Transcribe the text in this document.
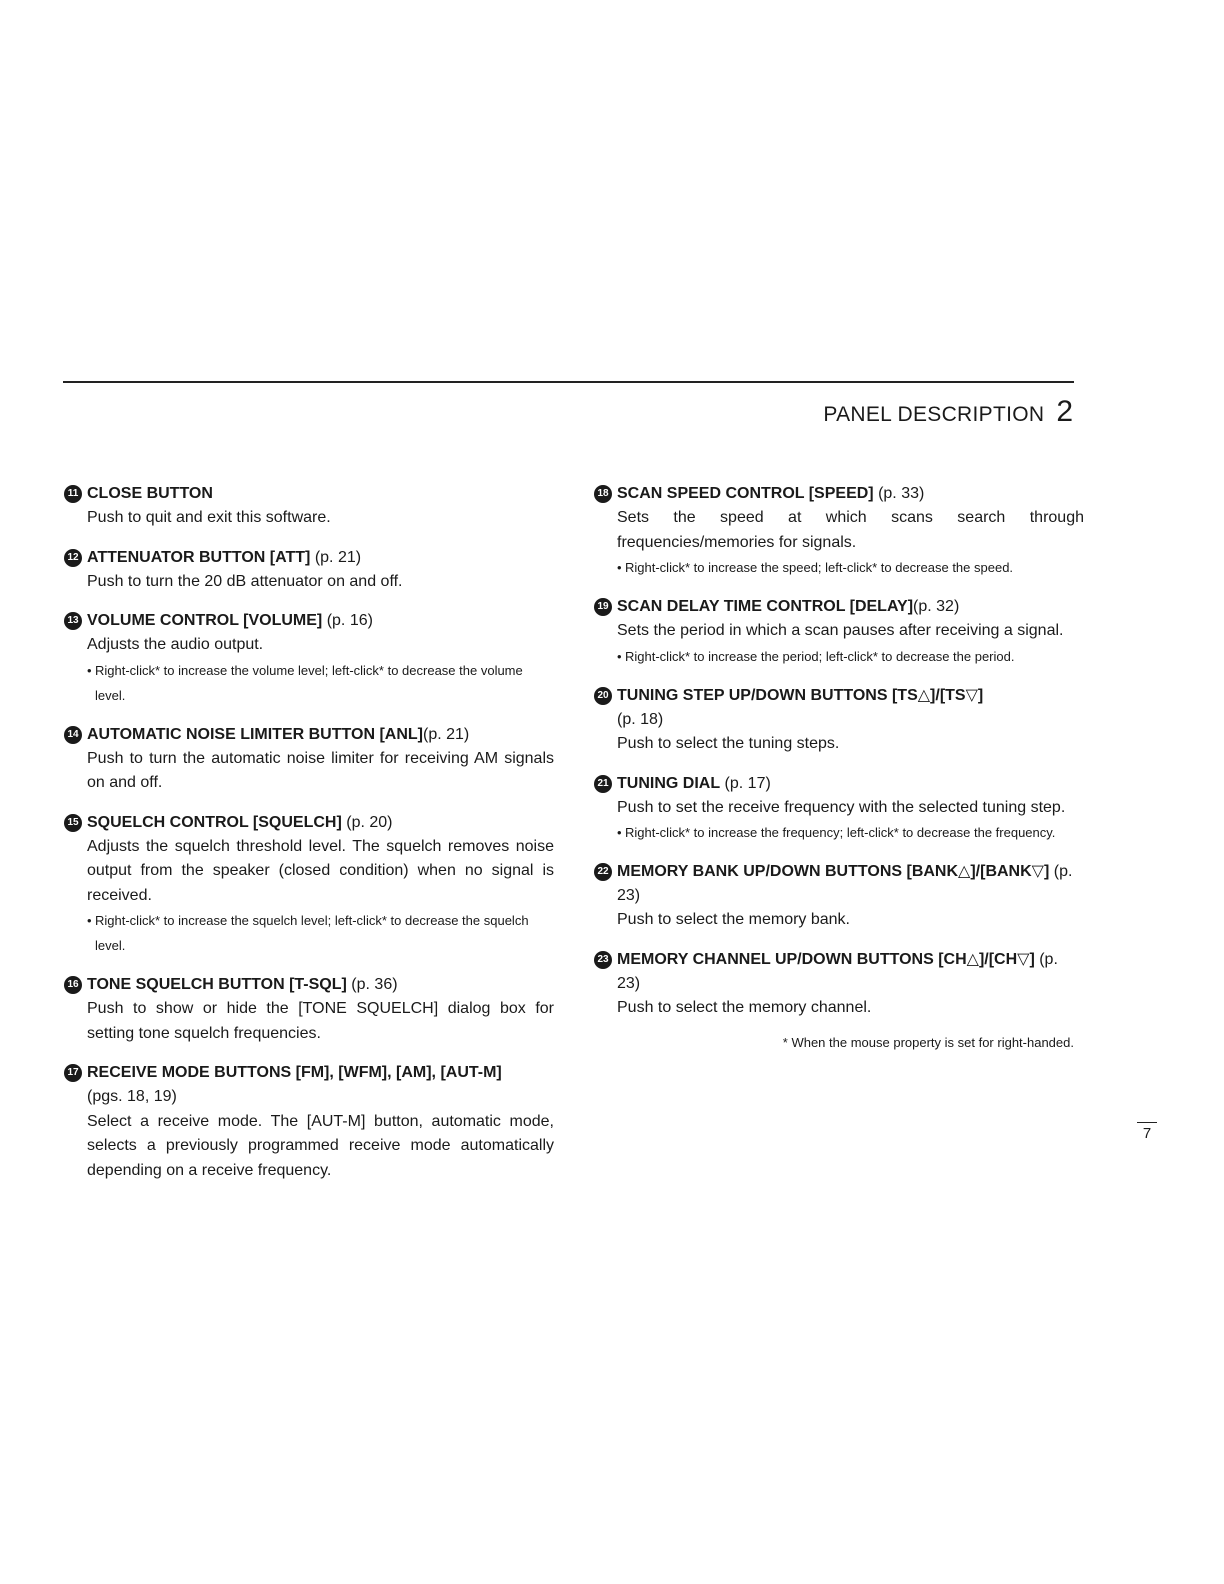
PANEL DESCRIPTION 2
11 CLOSE BUTTON
Push to quit and exit this software.
12 ATTENUATOR BUTTON [ATT] (p. 21)
Push to turn the 20 dB attenuator on and off.
13 VOLUME CONTROL [VOLUME] (p. 16)
Adjusts the audio output.
• Right-click* to increase the volume level; left-click* to decrease the volume level.
14 AUTOMATIC NOISE LIMITER BUTTON [ANL](p. 21)
Push to turn the automatic noise limiter for receiving AM signals on and off.
15 SQUELCH CONTROL [SQUELCH] (p. 20)
Adjusts the squelch threshold level. The squelch removes noise output from the speaker (closed condition) when no signal is received.
• Right-click* to increase the squelch level; left-click* to decrease the squelch level.
16 TONE SQUELCH BUTTON [T-SQL] (p. 36)
Push to show or hide the [TONE SQUELCH] dialog box for setting tone squelch frequencies.
17 RECEIVE MODE BUTTONS [FM], [WFM], [AM], [AUT-M]
(pgs. 18, 19)
Select a receive mode. The [AUT-M] button, automatic mode, selects a previously programmed receive mode automatically depending on a receive frequency.
18 SCAN SPEED CONTROL [SPEED] (p. 33)
Sets the speed at which scans search through frequencies/memories for signals.
• Right-click* to increase the speed; left-click* to decrease the speed.
19 SCAN DELAY TIME CONTROL [DELAY](p. 32)
Sets the period in which a scan pauses after receiving a signal.
• Right-click* to increase the period; left-click* to decrease the period.
20 TUNING STEP UP/DOWN BUTTONS [TS△]/[TS▽]
(p. 18)
Push to select the tuning steps.
21 TUNING DIAL (p. 17)
Push to set the receive frequency with the selected tuning step.
• Right-click* to increase the frequency; left-click* to decrease the frequency.
22 MEMORY BANK UP/DOWN BUTTONS [BANK△]/[BANK▽] (p. 23)
Push to select the memory bank.
23 MEMORY CHANNEL UP/DOWN BUTTONS [CH△]/[CH▽] (p. 23)
Push to select the memory channel.
* When the mouse property is set for right-handed.
7
